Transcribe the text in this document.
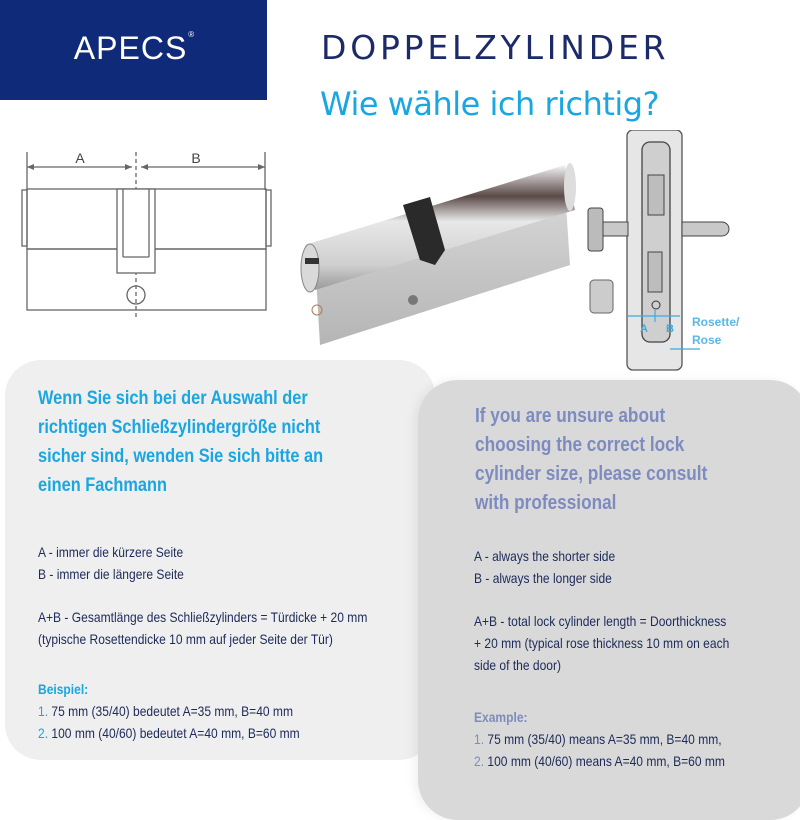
APECS ®	DOPPELZYLINDER
Wie wähle ich richtig?
A	B
A B Rosette/
Rose
Wenn Sie sich bei der Auswahl der
richtigen Schließzylindergröße nicht
sicher sind, wenden Sie sich bitte an
einen Fachmann
A - immer die kürzere Seite
B - immer die längere Seite
A+B - Gesamtlänge des Schließzylinders = Türdicke + 20 mm
(typische Rosettendicke 10 mm auf jeder Seite der Tür)
Beispiel:
1. 75 mm (35/40) bedeutet A=35 mm, B=40 mm
2. 100 mm (40/60) bedeutet A=40 mm, B=60 mm
If you are unsure about
choosing the correct lock
cylinder size, please consult
with professional
A - always the shorter side
B - always the longer side
A+B - total lock cylinder length = Doorthickness
+ 20 mm (typical rose thickness 10 mm on each
side of the door)
Example:
1. 75 mm (35/40) means A=35 mm, B=40 mm,
2. 100 mm (40/60) means A=40 mm, B=60 mm
